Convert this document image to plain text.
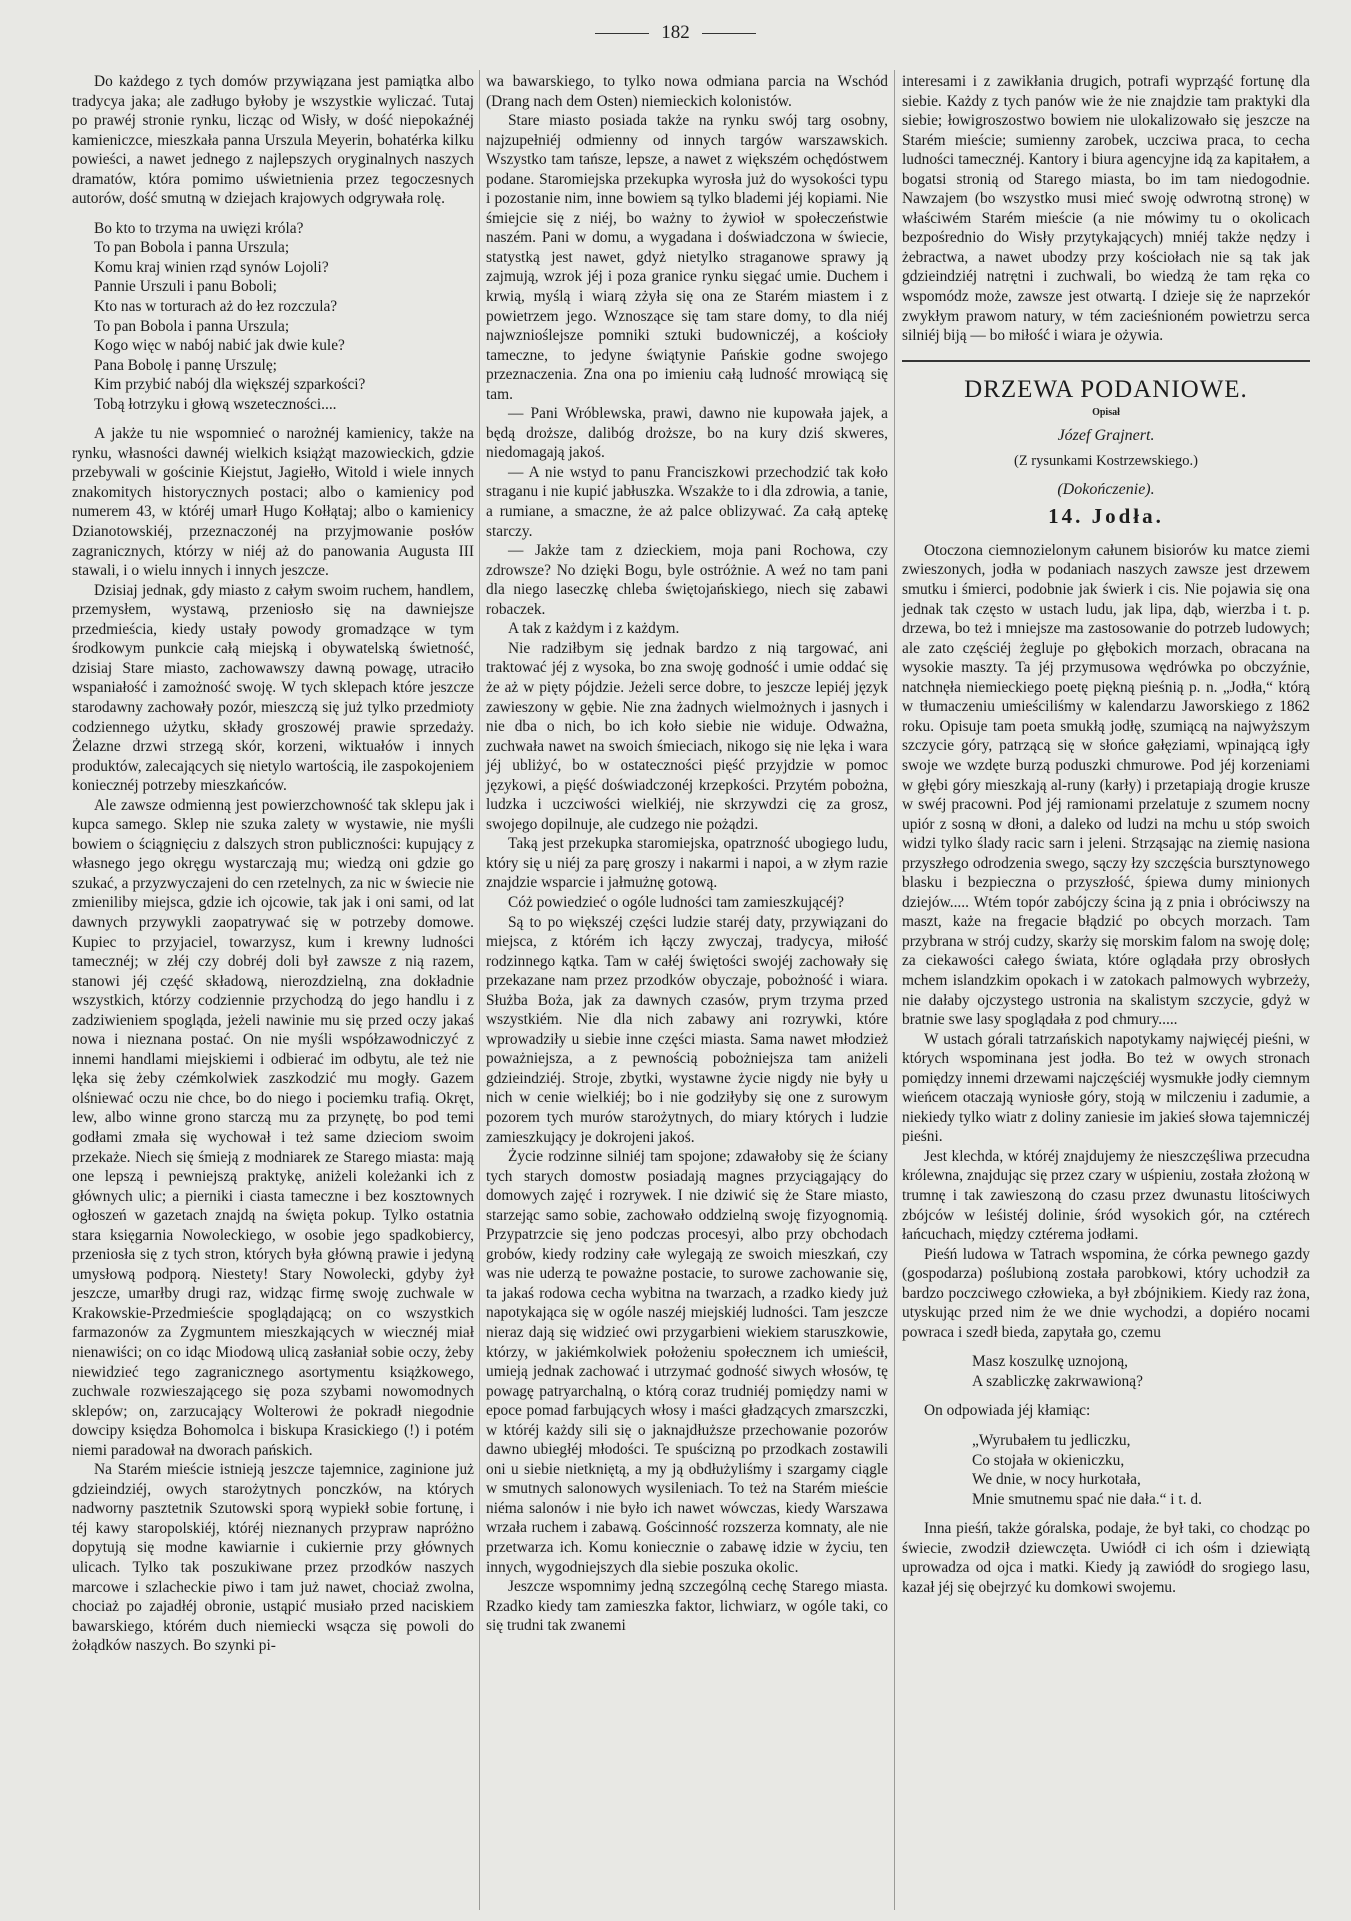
182

Do każdego z tych domów przywiązana jest pamiątka albo tradycya jaka; ale zadługo byłoby je wszystkie wyliczać. Tutaj po prawéj stronie rynku, licząc od Wisły, w dość niepokaźnéj kamieniczce, mieszkała panna Urszula Meyerin, bohatérka kilku powieści, a nawet jednego z najlepszych oryginalnych naszych dramatów, która pomimo uświetnienia przez tegoczesnych autorów, dość smutną w dziejach krajowych odgrywała rolę.

Bo kto to trzyma na uwięzi króla?
To pan Bobola i panna Urszula;
Komu kraj winien rząd synów Lojoli?
Pannie Urszuli i panu Boboli;
Kto nas w torturach aż do łez rozczula?
To pan Bobola i panna Urszula;
Kogo więc w nabój nabić jak dwie kule?
Pana Bobolę i pannę Urszulę;
Kim przybić nabój dla większéj szparkości?
Tobą łotrzyku i głową wszeteczności....

A jakże tu nie wspomnieć o narożnéj kamienicy, także na rynku, własności dawnéj wielkich książąt mazowieckich, gdzie przebywali w gościnie Kiejstut, Jagiełło, Witold i wiele innych znakomitych historycznych postaci; albo o kamienicy pod numerem 43, w któréj umarł Hugo Kołłątaj; albo o kamienicy Dzianotowskiéj, przeznaczonéj na przyjmowanie posłów zagranicznych, którzy w niéj aż do panowania Augusta III stawali, i o wielu innych i innych jeszcze.

Dzisiaj jednak, gdy miasto z całym swoim ruchem, handlem, przemysłem, wystawą, przeniosło się na dawniejsze przedmieścia, kiedy ustały powody gromadzące w tym środkowym punkcie całą miejską i obywatelską świetność, dzisiaj Stare miasto, zachowawszy dawną powagę, utraciło wspaniałość i zamożność swoję. W tych sklepach które jeszcze starodawny zachowały pozór, mieszczą się już tylko przedmioty codziennego użytku, składy groszowéj prawie sprzedaży. Żelazne drzwi strzegą skór, korzeni, wiktuałów i innych produktów, zalecających się nietylo wartością, ile zaspokojeniem koniecznéj potrzeby mieszkańców.

Ale zawsze odmienną jest powierzchowność tak sklepu jak i kupca samego. Sklep nie szuka zalety w wystawie, nie myśli bowiem o ściągnięciu z dalszych stron publiczności: kupujący z własnego jego okręgu wystarczają mu; wiedzą oni gdzie go szukać, a przyzwyczajeni do cen rzetelnych, za nic w świecie nie zmieniliby miejsca, gdzie ich ojcowie, tak jak i oni sami, od lat dawnych przywykli zaopatrywać się w potrzeby domowe. Kupiec to przyjaciel, towarzysz, kum i krewny ludności tamecznéj; w złéj czy dobréj doli był zawsze z nią razem, stanowi jéj część składową, nierozdzielną, zna dokładnie wszystkich, którzy codziennie przychodzą do jego handlu i z zadziwieniem spogląda, jeżeli nawinie mu się przed oczy jakaś nowa i nieznana postać. On nie myśli współzawodniczyć z innemi handlami miejskiemi i odbierać im odbytu, ale też nie lęka się żeby czémkolwiek zaszkodzić mu mogły. Gazem olśniewać oczu nie chce, bo do niego i pociemku trafią. Okręt, lew, albo winne grono starczą mu za przynętę, bo pod temi godłami zmała się wychował i też same dzieciom swoim przekaże. Niech się śmieją z modniarek ze Starego miasta: mają one lepszą i pewniejszą praktykę, aniżeli koleżanki ich z głównych ulic; a pierniki i ciasta tameczne i bez kosztownych ogłoszeń w gazetach znajdą na święta pokup. Tylko ostatnia stara księgarnia Nowoleckiego, w osobie jego spadkobiercy, przeniosła się z tych stron, których była główną prawie i jedyną umysłową podporą. Niestety! Stary Nowolecki, gdyby żył jeszcze, umarłby drugi raz, widząc firmę swoję zuchwale w Krakowskie-Przedmieście spoglądającą; on co wszystkich farmazonów za Zygmuntem mieszkających w wiecznéj miał nienawiści; on co idąc Miodową ulicą zasłaniał sobie oczy, żeby niewidzieć tego zagranicznego asortymentu książkowego, zuchwale rozwieszającego się poza szybami nowomodnych sklepów; on, zarzucający Wolterowi że pokradł niegodnie dowcipy księdza Bohomolca i biskupa Krasickiego (!) i potém niemi paradował na dworach pańskich.

Na Starém mieście istnieją jeszcze tajemnice, zaginione już gdzieindziéj, owych starożytnych ponczków, na których nadworny pasztetnik Szutowski sporą wypiekł sobie fortunę, i téj kawy staropolskiéj, któréj nieznanych przypraw napróżno dopytują się modne kawiarnie i cukiernie przy głównych ulicach. Tylko tak poszukiwane przez przodków naszych marcowe i szlacheckie piwo i tam już nawet, chociaż zwolna, chociaż po zajadłéj obronie, ustąpić musiało przed naciskiem bawarskiego, którém duch niemiecki wsącza się powoli do żołądków naszych. Bo szynki pi-

wa bawarskiego, to tylko nowa odmiana parcia na Wschód (Drang nach dem Osten) niemieckich kolonistów.

Stare miasto posiada także na rynku swój targ osobny, najzupełniéj odmienny od innych targów warszawskich. Wszystko tam tańsze, lepsze, a nawet z większém ochędóstwem podane. Staromiejska przekupka wyrosła już do wysokości typu i pozostanie nim, inne bowiem są tylko blademi jéj kopiami. Nie śmiejcie się z niéj, bo ważny to żywioł w społeczeństwie naszém. Pani w domu, a wygadana i doświadczona w świecie, statystką jest nawet, gdyż nietylko straganowe sprawy ją zajmują, wzrok jéj i poza granice rynku sięgać umie. Duchem i krwią, myślą i wiarą zżyła się ona ze Starém miastem i z powietrzem jego. Wznoszące się tam stare domy, to dla niéj najwznioślejsze pomniki sztuki budowniczéj, a kościoły tameczne, to jedyne świątynie Pańskie godne swojego przeznaczenia. Zna ona po imieniu całą ludność mrowiącą się tam.

— Pani Wróblewska, prawi, dawno nie kupowała jajek, a będą droższe, dalibóg droższe, bo na kury dziś skweres, niedomagają jakoś.

— A nie wstyd to panu Franciszkowi przechodzić tak koło straganu i nie kupić jabłuszka. Wszakże to i dla zdrowia, a tanie, a rumiane, a smaczne, że aż palce oblizywać. Za całą aptekę starczy.

— Jakże tam z dzieckiem, moja pani Rochowa, czy zdrowsze? No dzięki Bogu, byle ostróżnie. A weź no tam pani dla niego laseczkę chleba świętojańskiego, niech się zabawi robaczek.

A tak z każdym i z każdym.

Nie radziłbym się jednak bardzo z nią targować, ani traktować jéj z wysoka, bo zna swoję godność i umie oddać się że aż w pięty pójdzie. Jeżeli serce dobre, to jeszcze lepiéj język zawieszony w gębie. Nie zna żadnych wielmożnych i jasnych i nie dba o nich, bo ich koło siebie nie widuje. Odważna, zuchwała nawet na swoich śmieciach, nikogo się nie lęka i wara jéj ubliżyć, bo w ostateczności pięść przyjdzie w pomoc językowi, a pięść doświadczonéj krzepkości. Przytém pobożna, ludzka i uczciwości wielkiéj, nie skrzywdzi cię za grosz, swojego dopilnuje, ale cudzego nie pożądzi.

Taką jest przekupka staromiejska, opatrzność ubogiego ludu, który się u niéj za parę groszy i nakarmi i napoi, a w złym razie znajdzie wsparcie i jałmużnę gotową.

Cóż powiedzieć o ogóle ludności tam zamieszkującéj?

Są to po większéj części ludzie staréj daty, przywiązani do miejsca, z którém ich łączy zwyczaj, tradycya, miłość rodzinnego kątka. Tam w całéj świętości swojéj zachowały się przekazane nam przez przodków obyczaje, pobożność i wiara. Służba Boża, jak za dawnych czasów, prym trzyma przed wszystkiém. Nie dla nich zabawy ani rozrywki, które wprowadziły u siebie inne części miasta. Sama nawet młodzież poważniejsza, a z pewnością pobożniejsza tam aniżeli gdzieindziéj. Stroje, zbytki, wystawne życie nigdy nie były u nich w cenie wielkiéj; bo i nie godziłyby się one z surowym pozorem tych murów starożytnych, do miary których i ludzie zamieszkujący je dokrojeni jakoś.

Życie rodzinne silniéj tam spojone; zdawałoby się że ściany tych starych domostw posiadają magnes przyciągający do domowych zajęć i rozrywek. I nie dziwić się że Stare miasto, starzejąc samo sobie, zachowało oddzielną swoję fizyognomią. Przypatrzcie się jeno podczas procesyi, albo przy obchodach grobów, kiedy rodziny całe wylegają ze swoich mieszkań, czy was nie uderzą te poważne postacie, to surowe zachowanie się, ta jakaś rodowa cecha wybitna na twarzach, a rzadko kiedy już napotykająca się w ogóle naszéj miejskiéj ludności. Tam jeszcze nieraz dają się widzieć owi przygarbieni wiekiem staruszkowie, którzy, w jakiémkolwiek położeniu społecznem ich umieścił, umieją jednak zachować i utrzymać godność siwych włosów, tę powagę patryarchalną, o którą coraz trudniéj pomiędzy nami w epoce pomad farbujących włosy i maści gładzących zmarszczki, w któréj każdy sili się o jaknajdłuższe przechowanie pozorów dawno ubiegłéj młodości. Te spuścizną po przodkach zostawili oni u siebie nietkniętą, a my ją obdłużyliśmy i szargamy ciągle w smutnych salonowych wysileniach. To też na Starém mieście niéma salonów i nie było ich nawet wówczas, kiedy Warszawa wrzała ruchem i zabawą. Gościnność rozszerza komnaty, ale nie przetwarza ich. Komu koniecznie o zabawę idzie w życiu, ten innych, wygodniejszych dla siebie poszuka okolic.

Jeszcze wspomnimy jedną szczególną cechę Starego miasta. Rzadko kiedy tam zamieszka faktor, lichwiarz, w ogóle taki, co się trudni tak zwanemi

interesami i z zawikłania drugich, potrafi wyprząść fortunę dla siebie. Każdy z tych panów wie że nie znajdzie tam praktyki dla siebie; łowigroszostwo bowiem nie ulokalizowało się jeszcze na Starém mieście; sumienny zarobek, uczciwa praca, to cecha ludności tamecznéj. Kantory i biura agencyjne idą za kapitałem, a bogatsi stronią od Starego miasta, bo im tam niedogodnie. Nawzajem (bo wszystko musi mieć swoję odwrotną stronę) w właściwém Starém mieście (a nie mówimy tu o okolicach bezpośrednio do Wisły przytykających) mniéj także nędzy i żebractwa, a nawet ubodzy przy kościołach nie są tak jak gdzieindziéj natrętni i zuchwali, bo wiedzą że tam ręka co wspomódz może, zawsze jest otwartą. I dzieje się że naprzekór zwykłym prawom natury, w tém zacieśnioném powietrzu serca silniéj biją — bo miłość i wiara je ożywia.

DRZEWA PODANIOWE.
Opisał
Józef Grajnert.
(Z rysunkami Kostrzewskiego.)
(Dokończenie).
14. Jodła.

Otoczona ciemnozielonym całunem bisiorów ku matce ziemi zwieszonych, jodła w podaniach naszych zawsze jest drzewem smutku i śmierci, podobnie jak świerk i cis. Nie pojawia się ona jednak tak często w ustach ludu, jak lipa, dąb, wierzba i t. p. drzewa, bo też i mniejsze ma zastosowanie do potrzeb ludowych; ale zato częściéj żegluje po głębokich morzach, obracana na wysokie maszty. Ta jéj przymusowa wędrówka po obczyźnie, natchnęła niemieckiego poetę piękną pieśnią p. n. „Jodła,“ którą w tłumaczeniu umieściliśmy w kalendarzu Jaworskiego z 1862 roku. Opisuje tam poeta smukłą jodłę, szumiącą na najwyższym szczycie góry, patrzącą się w słońce gałęziami, wpinającą igły swoje we wzdęte burzą poduszki chmurowe. Pod jéj korzeniami w głębi góry mieszkają al-runy (karły) i przetapiają drogie krusze w swéj pracowni. Pod jéj ramionami przelatuje z szumem nocny upiór z sosną w dłoni, a daleko od ludzi na mchu u stóp swoich widzi tylko ślady racic sarn i jeleni. Strząsając na ziemię nasiona przyszłego odrodzenia swego, sączy łzy szczęścia bursztynowego blasku i bezpieczna o przyszłość, śpiewa dumy minionych dziejów..... Wtém topór zabójczy ścina ją z pnia i obróciwszy na maszt, każe na fregacie błądzić po obcych morzach. Tam przybrana w strój cudzy, skarży się morskim falom na swoję dolę; za ciekawości całego świata, które oglądała przy obrosłych mchem islandzkim opokach i w zatokach palmowych wybrzeży, nie dałaby ojczystego ustronia na skalistym szczycie, gdyż w bratnie swe lasy spoglądała z pod chmury.....

W ustach górali tatrzańskich napotykamy najwięcéj pieśni, w których wspominana jest jodła. Bo też w owych stronach pomiędzy innemi drzewami najczęściéj wysmukłe jodły ciemnym wieńcem otaczają wyniosłe góry, stoją w milczeniu i zadumie, a niekiedy tylko wiatr z doliny zaniesie im jakieś słowa tajemniczéj pieśni.

Jest klechda, w któréj znajdujemy że nieszczęśliwa przecudna królewna, znajdując się przez czary w uśpieniu, została złożoną w trumnę i tak zawieszoną do czasu przez dwunastu litościwych zbójców w leśistéj dolinie, śród wysokich gór, na cztérech łańcuchach, między cztérema jodłami.

Pieśń ludowa w Tatrach wspomina, że córka pewnego gazdy (gospodarza) poślubioną została parobkowi, który uchodził za bardzo poczciwego człowieka, a był zbójnikiem. Kiedy raz żona, utyskując przed nim że we dnie wychodzi, a dopiéro nocami powraca i szedł bieda, zapytała go, czemu

Masz koszulkę uznojoną,
A szabliczkę zakrwawioną?

On odpowiada jéj kłamiąc:

„Wyrubałem tu jedliczku,
Co stojała w okieniczku,
We dnie, w nocy hurkotała,
Mnie smutnemu spać nie dała.“ i t. d.

Inna pieśń, także góralska, podaje, że był taki, co chodząc po świecie, zwodził dziewczęta. Uwiódł ci ich ośm i dziewiątą uprowadza od ojca i matki. Kiedy ją zawiódł do srogiego lasu, kazał jéj się obejrzyć ku domkowi swojemu.
